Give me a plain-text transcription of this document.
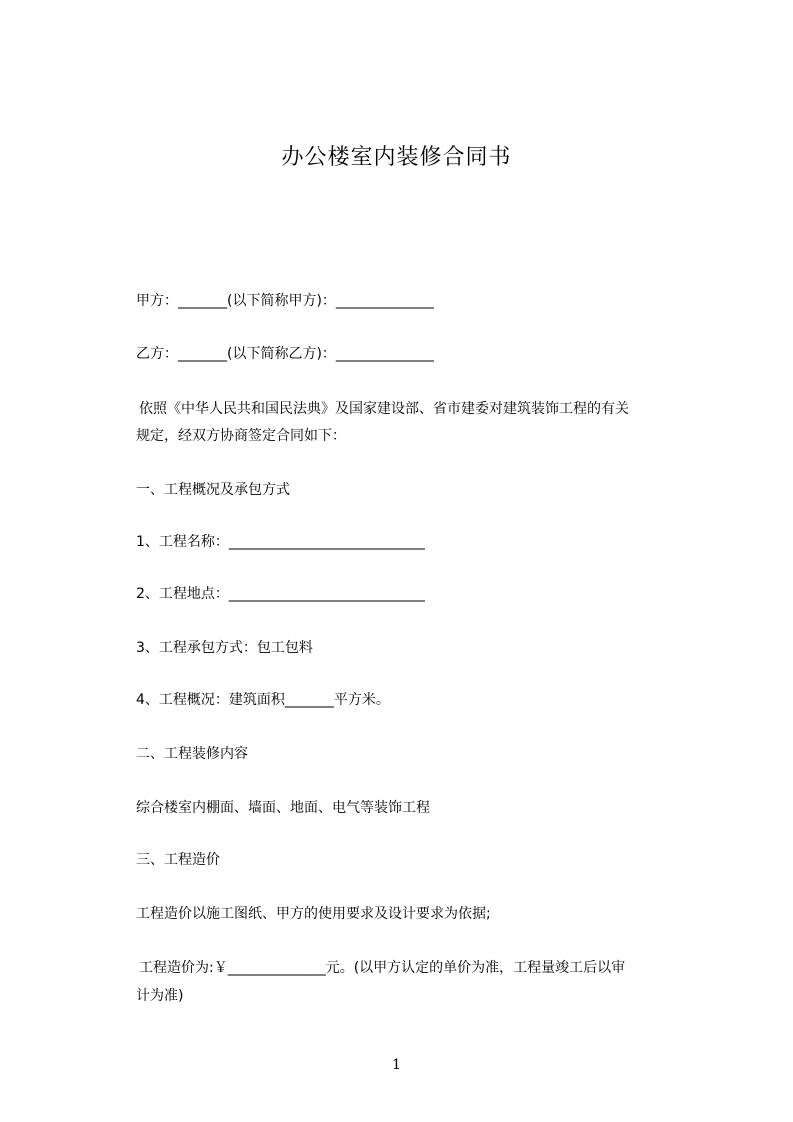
办公楼室内装修合同书
甲方：_______(以下简称甲方)：______________
乙方：_______(以下简称乙方)：______________
依照《中华人民共和国民法典》及国家建设部、省市建委对建筑装饰工程的有关
规定，经双方协商签定合同如下：
一、工程概况及承包方式
1、工程名称：____________________________
2、工程地点：____________________________
3、工程承包方式：包工包料
4、工程概况：建筑面积_______平方米。
二、工程装修内容
综合楼室内棚面、墙面、地面、电气等装饰工程
三、工程造价
工程造价以施工图纸、甲方的使用要求及设计要求为依据;
工程造价为:￥______________元。(以甲方认定的单价为准，工程量竣工后以审
计为准)
1
